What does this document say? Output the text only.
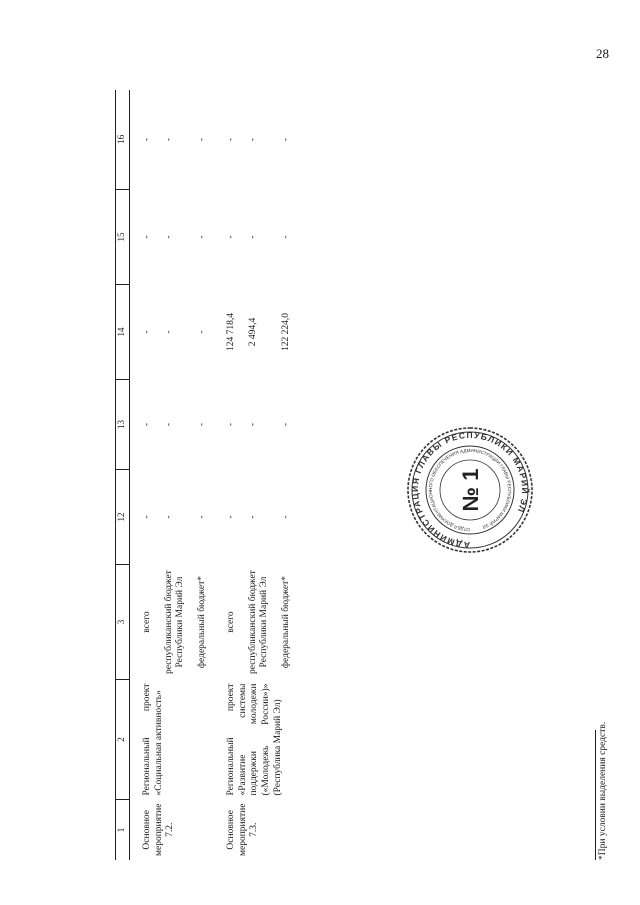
28
1	2	3	12	13	14	15	16

Основное мероприятие 7.2.	Региональный проект «Социальная активность»	всего	-	-	-	-	-
		республиканский бюджет Республики Марий Эл	-	-	-	-	-
		федеральный бюджет*	-	-	-	-	-

Основное мероприятие 7.3.	Региональный проект «Развитие системы поддержки молодежи («Молодежь России»)» (Республика Марий Эл)	всего	-	-	124 718,4	-	-
		республиканский бюджет Республики Марий Эл	-	-	2 494,4	-	-
		федеральный бюджет*	-	-	122 224,0	-	-
*При условии выделения средств.
АДМИНИСТРАЦИЯ ГЛАВЫ РЕСПУБЛИКИ МАРИЙ ЭЛ
ОТДЕЛ ДОКУМЕНТАЦИОННОГО ОБЕСПЕЧЕНИЯ АДМИНИСТРАЦИИ ГЛАВЫ РЕСПУБЛИКИ МАРИЙ ЭЛ
№ 1
